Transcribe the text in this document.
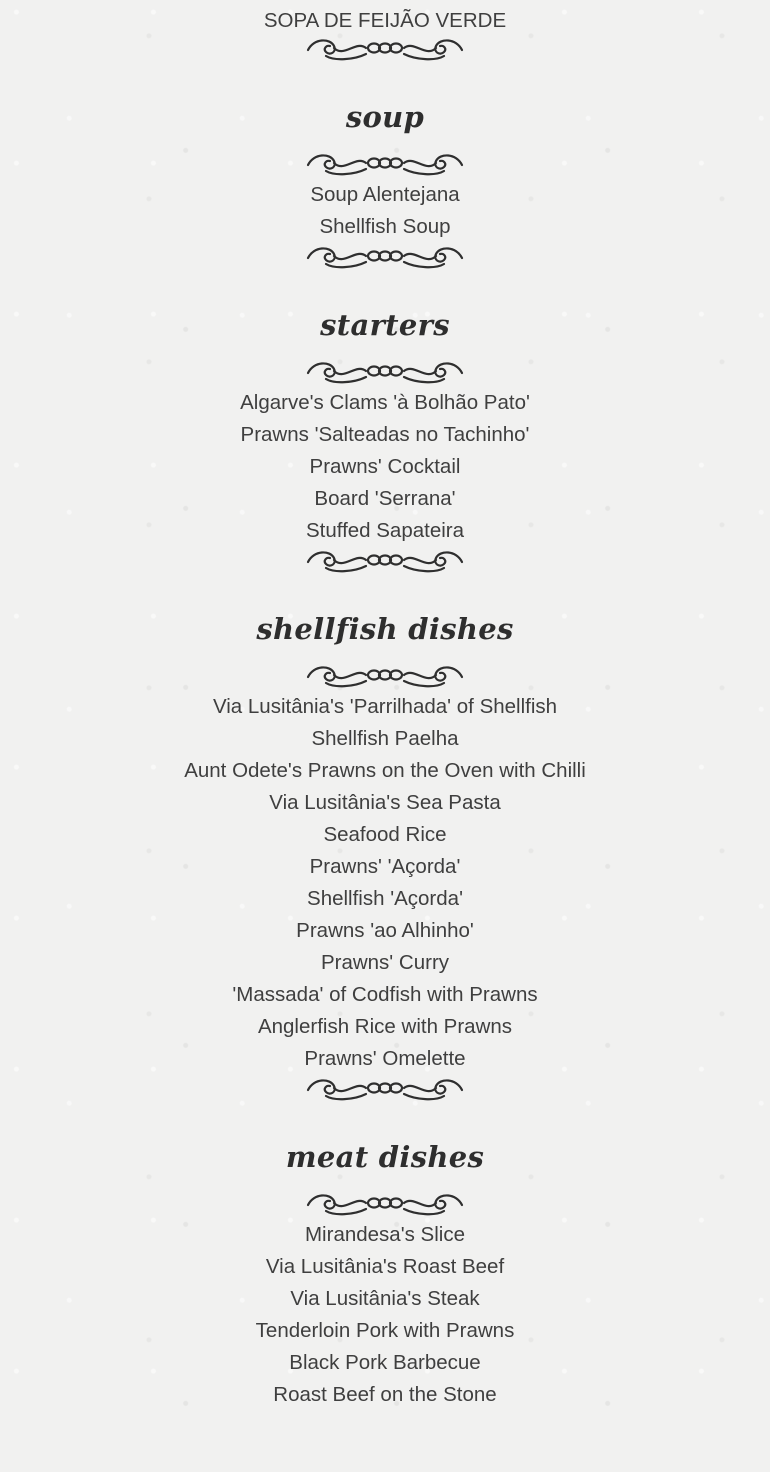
SOPA DE FEIJÃO VERDE
soup
Soup Alentejana
Shellfish Soup
starters
Algarve's Clams 'à Bolhão Pato'
Prawns 'Salteadas no Tachinho'
Prawns' Cocktail
Board 'Serrana'
Stuffed Sapateira
shellfish dishes
Via Lusitânia's 'Parrilhada' of Shellfish
Shellfish Paelha
Aunt Odete's Prawns on the Oven with Chilli
Via Lusitânia's Sea Pasta
Seafood Rice
Prawns' 'Açorda'
Shellfish 'Açorda'
Prawns 'ao Alhinho'
Prawns' Curry
'Massada' of Codfish with Prawns
Anglerfish Rice with Prawns
Prawns' Omelette
meat dishes
Mirandesa's Slice
Via Lusitânia's Roast Beef
Via Lusitânia's Steak
Tenderloin Pork with Prawns
Black Pork Barbecue
Roast Beef on the Stone
